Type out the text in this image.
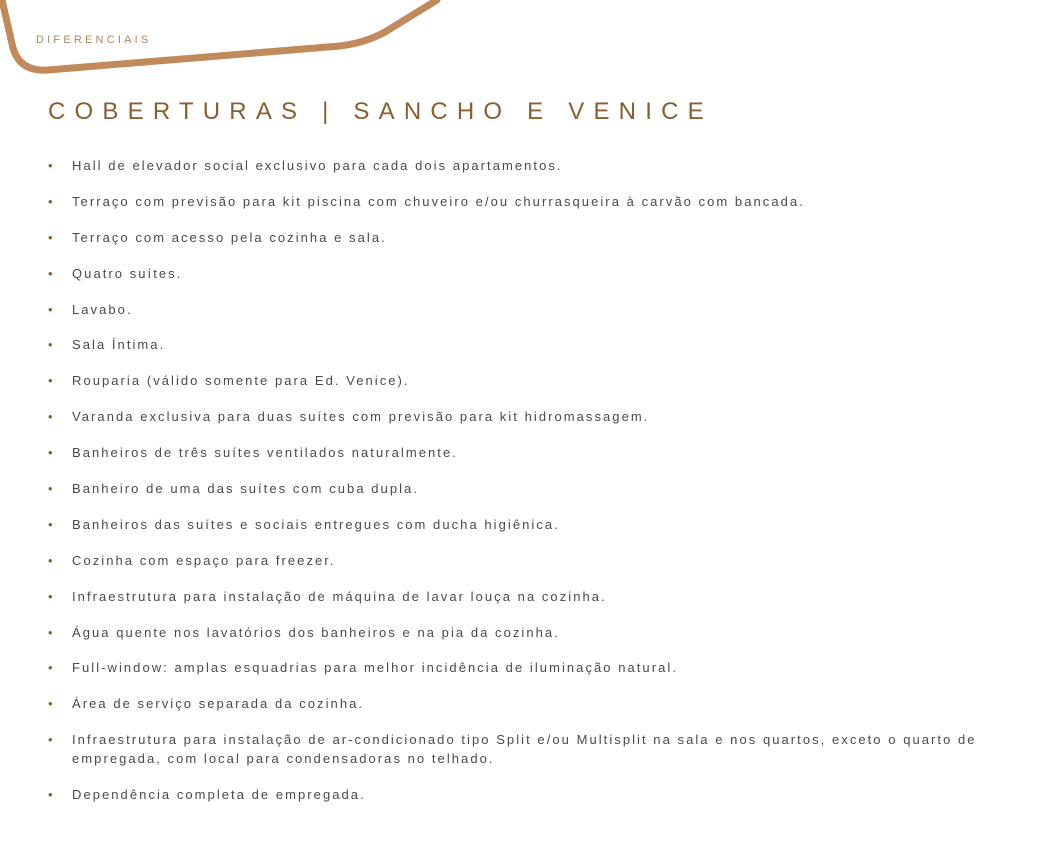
DIFERENCIAIS
COBERTURAS | SANCHO E VENICE
• Hall de elevador social exclusivo para cada dois apartamentos.
• Terraço com previsão para kit piscina com chuveiro e/ou churrasqueira à carvão com bancada.
• Terraço com acesso pela cozinha e sala.
• Quatro suítes.
• Lavabo.
• Sala Íntima.
• Rouparia (válido somente para Ed. Venice).
• Varanda exclusiva para duas suítes com previsão para kit hidromassagem.
• Banheiros de três suítes ventilados naturalmente.
• Banheiro de uma das suítes com cuba dupla.
• Banheiros das suítes e sociais entregues com ducha higiênica.
• Cozinha com espaço para freezer.
• Infraestrutura para instalação de máquina de lavar louça na cozinha.
• Água quente nos lavatórios dos banheiros e na pia da cozinha.
• Full-window: amplas esquadrias para melhor incidência de iluminação natural.
• Área de serviço separada da cozinha.
• Infraestrutura para instalação de ar-condicionado tipo Split e/ou Multisplit na sala e nos quartos, exceto o quarto de empregada, com local para condensadoras no telhado.
• Dependência completa de empregada.
